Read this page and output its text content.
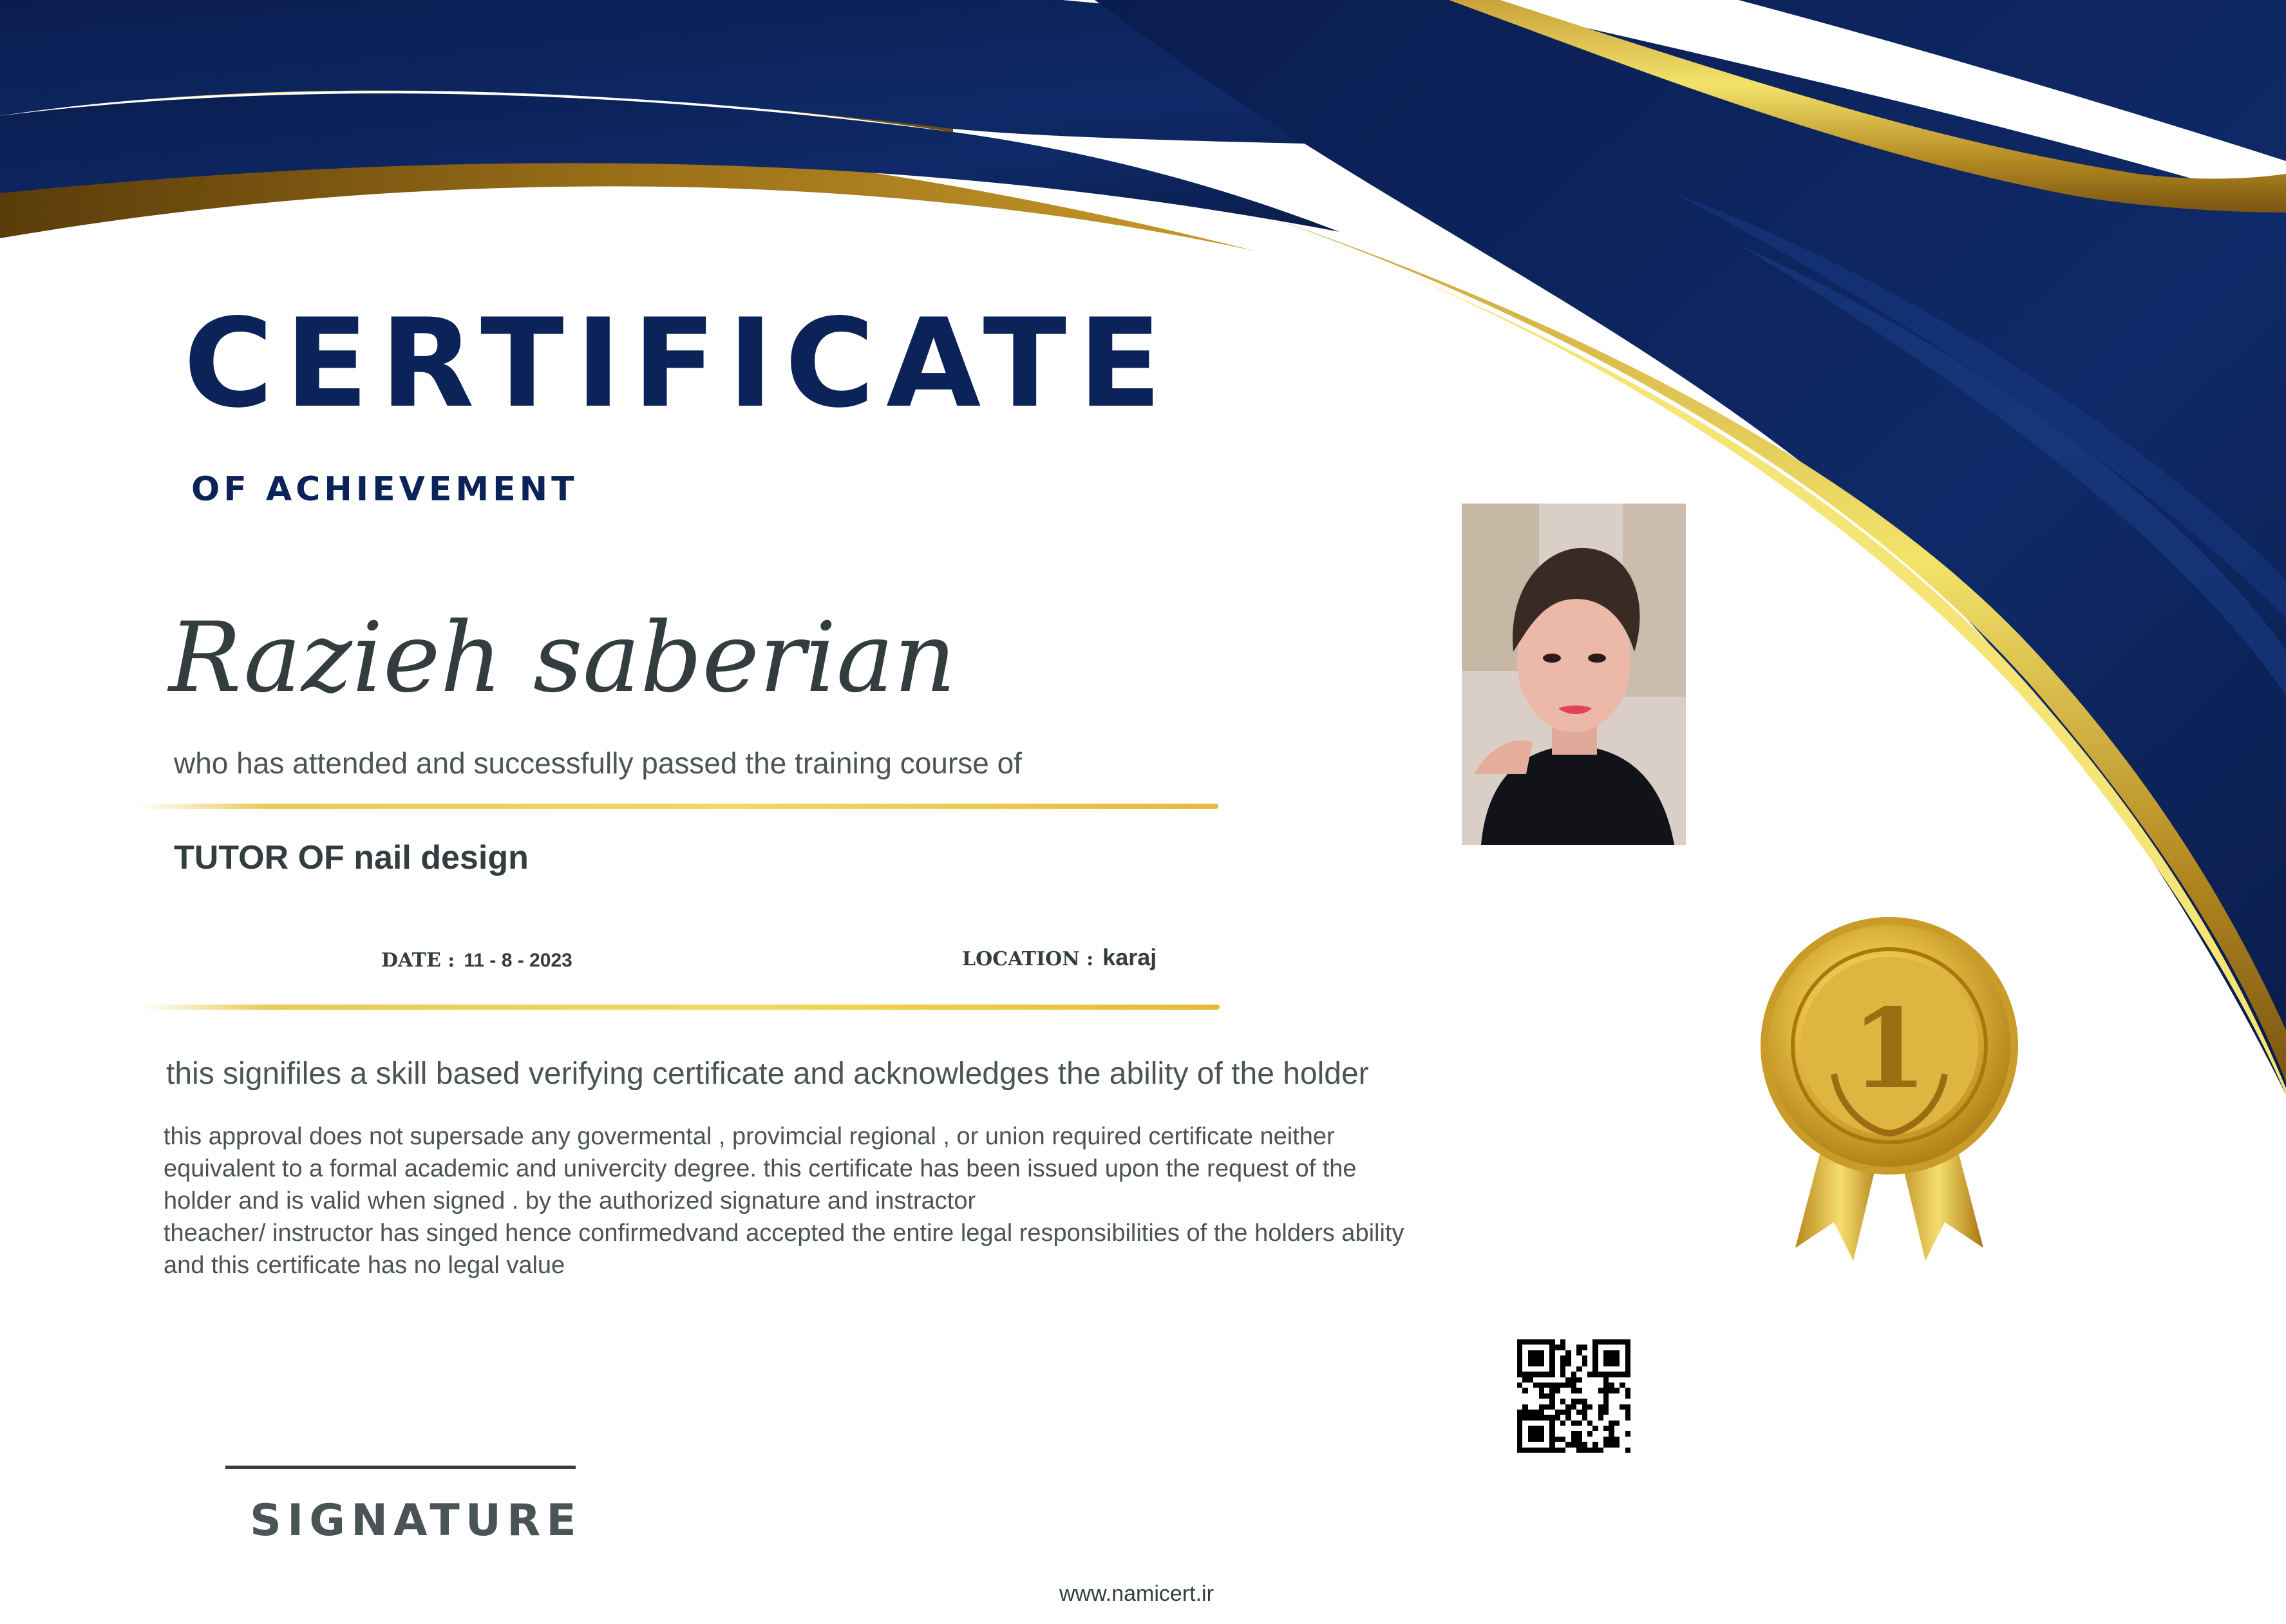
CERTIFICATE
OF ACHIEVEMENT
Razieh saberian
who has attended and successfully passed the training course of
TUTOR OF nail design
DATE : 11 - 8 - 2023	LOCATION : karaj
this signifiles a skill based verifying certificate and acknowledges the ability of the holder
this approval does not supersade any govermental , provimcial regional , or union required certificate neither
equivalent to a formal academic and univercity degree. this certificate has been issued upon the request of the
holder and is valid when signed . by the authorized signature and instractor
theacher/ instructor has singed hence confirmedvand accepted the entire legal responsibilities of the holders ability
and this certificate has no legal value
1
SIGNATURE
www.namicert.ir
